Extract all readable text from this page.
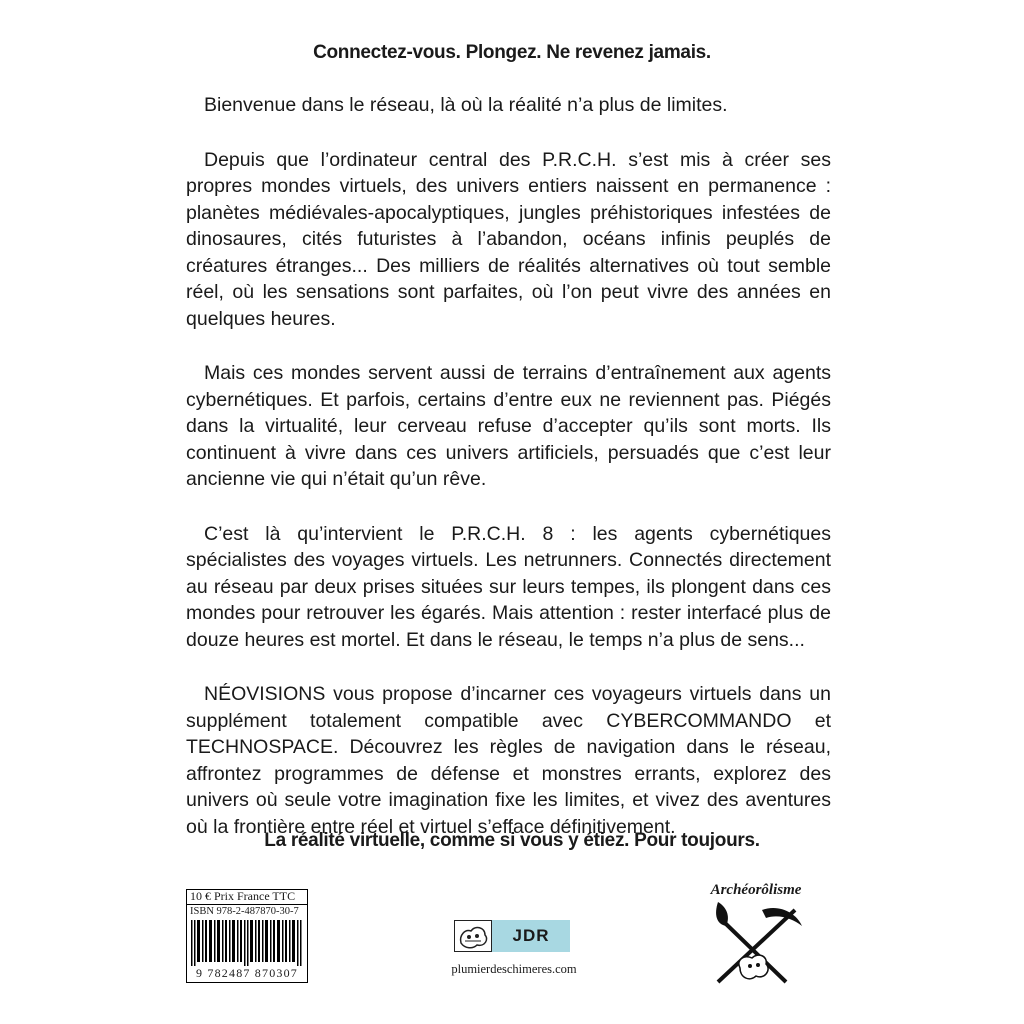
Connectez-vous. Plongez. Ne revenez jamais.

Bienvenue dans le réseau, là où la réalité n’a plus de limites.

Depuis que l’ordinateur central des P.R.C.H. s’est mis à créer ses propres mondes virtuels, des univers entiers naissent en permanence : planètes médiévales-apocalyptiques, jungles préhistoriques infestées de dinosaures, cités futuristes à l’abandon, océans infinis peuplés de créatures étranges... Des milliers de réalités alternatives où tout semble réel, où les sensations sont parfaites, où l’on peut vivre des années en quelques heures.

Mais ces mondes servent aussi de terrains d’entraînement aux agents cybernétiques. Et parfois, certains d’entre eux ne reviennent pas. Piégés dans la virtualité, leur cerveau refuse d’accepter qu’ils sont morts. Ils continuent à vivre dans ces univers artificiels, persuadés que c’est leur ancienne vie qui n’était qu’un rêve.

C’est là qu’intervient le P.R.C.H. 8 : les agents cybernétiques spécialistes des voyages virtuels. Les netrunners. Connectés directement au réseau par deux prises situées sur leurs tempes, ils plongent dans ces mondes pour retrouver les égarés. Mais attention : rester interfacé plus de douze heures est mortel. Et dans le réseau, le temps n’a plus de sens...

NÉOVISIONS vous propose d’incarner ces voyageurs virtuels dans un supplément totalement compatible avec CYBERCOMMANDO et TECHNOSPACE. Découvrez les règles de navigation dans le réseau, affrontez programmes de défense et monstres errants, explorez des univers où seule votre imagination fixe les limites, et vivez des aventures où la frontière entre réel et virtuel s’efface définitivement.

La réalité virtuelle, comme si vous y étiez. Pour toujours.
10 € Prix France TTC
ISBN 978-2-487870-30-7
9 782487 870307
JDR
plumierdeschimeres.com
Archéorôlisme
